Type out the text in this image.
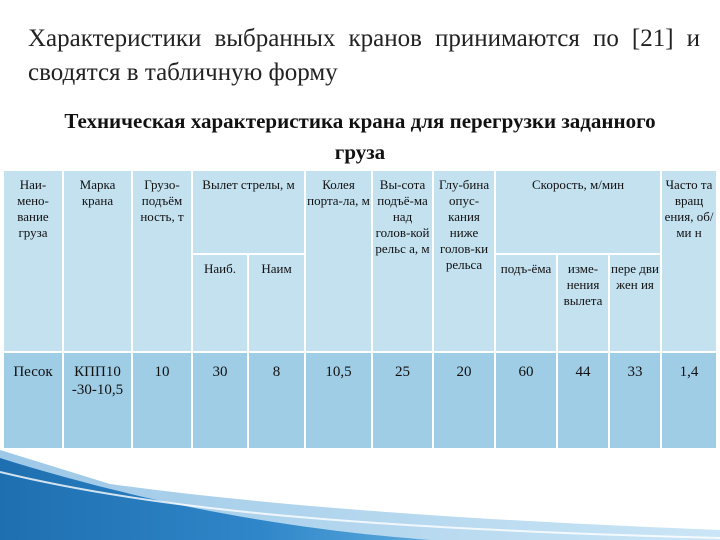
Характеристики выбранных кранов принимаются по [21] и сводятся в табличную форму
Техническая характеристика крана для перегрузки заданного груза
Наи-мено-вание груза	Марка крана	Грузо-подъём ность, т	Вылет стрелы, м		Колея порта-ла, м	Вы-сота подъё-ма над голов-кой рельс а, м	Глу-бина опус-кания ниже голов-ки рельса	Скорость, м/мин			Часто та вращ ения, об/ми н
			Наиб.	Наим				подъ-ёма	изме-нения вылета	пере дви жен ия	
Песок	КПП10 -30-10,5	10	30	8	10,5	25	20	60	44	33	1,4
